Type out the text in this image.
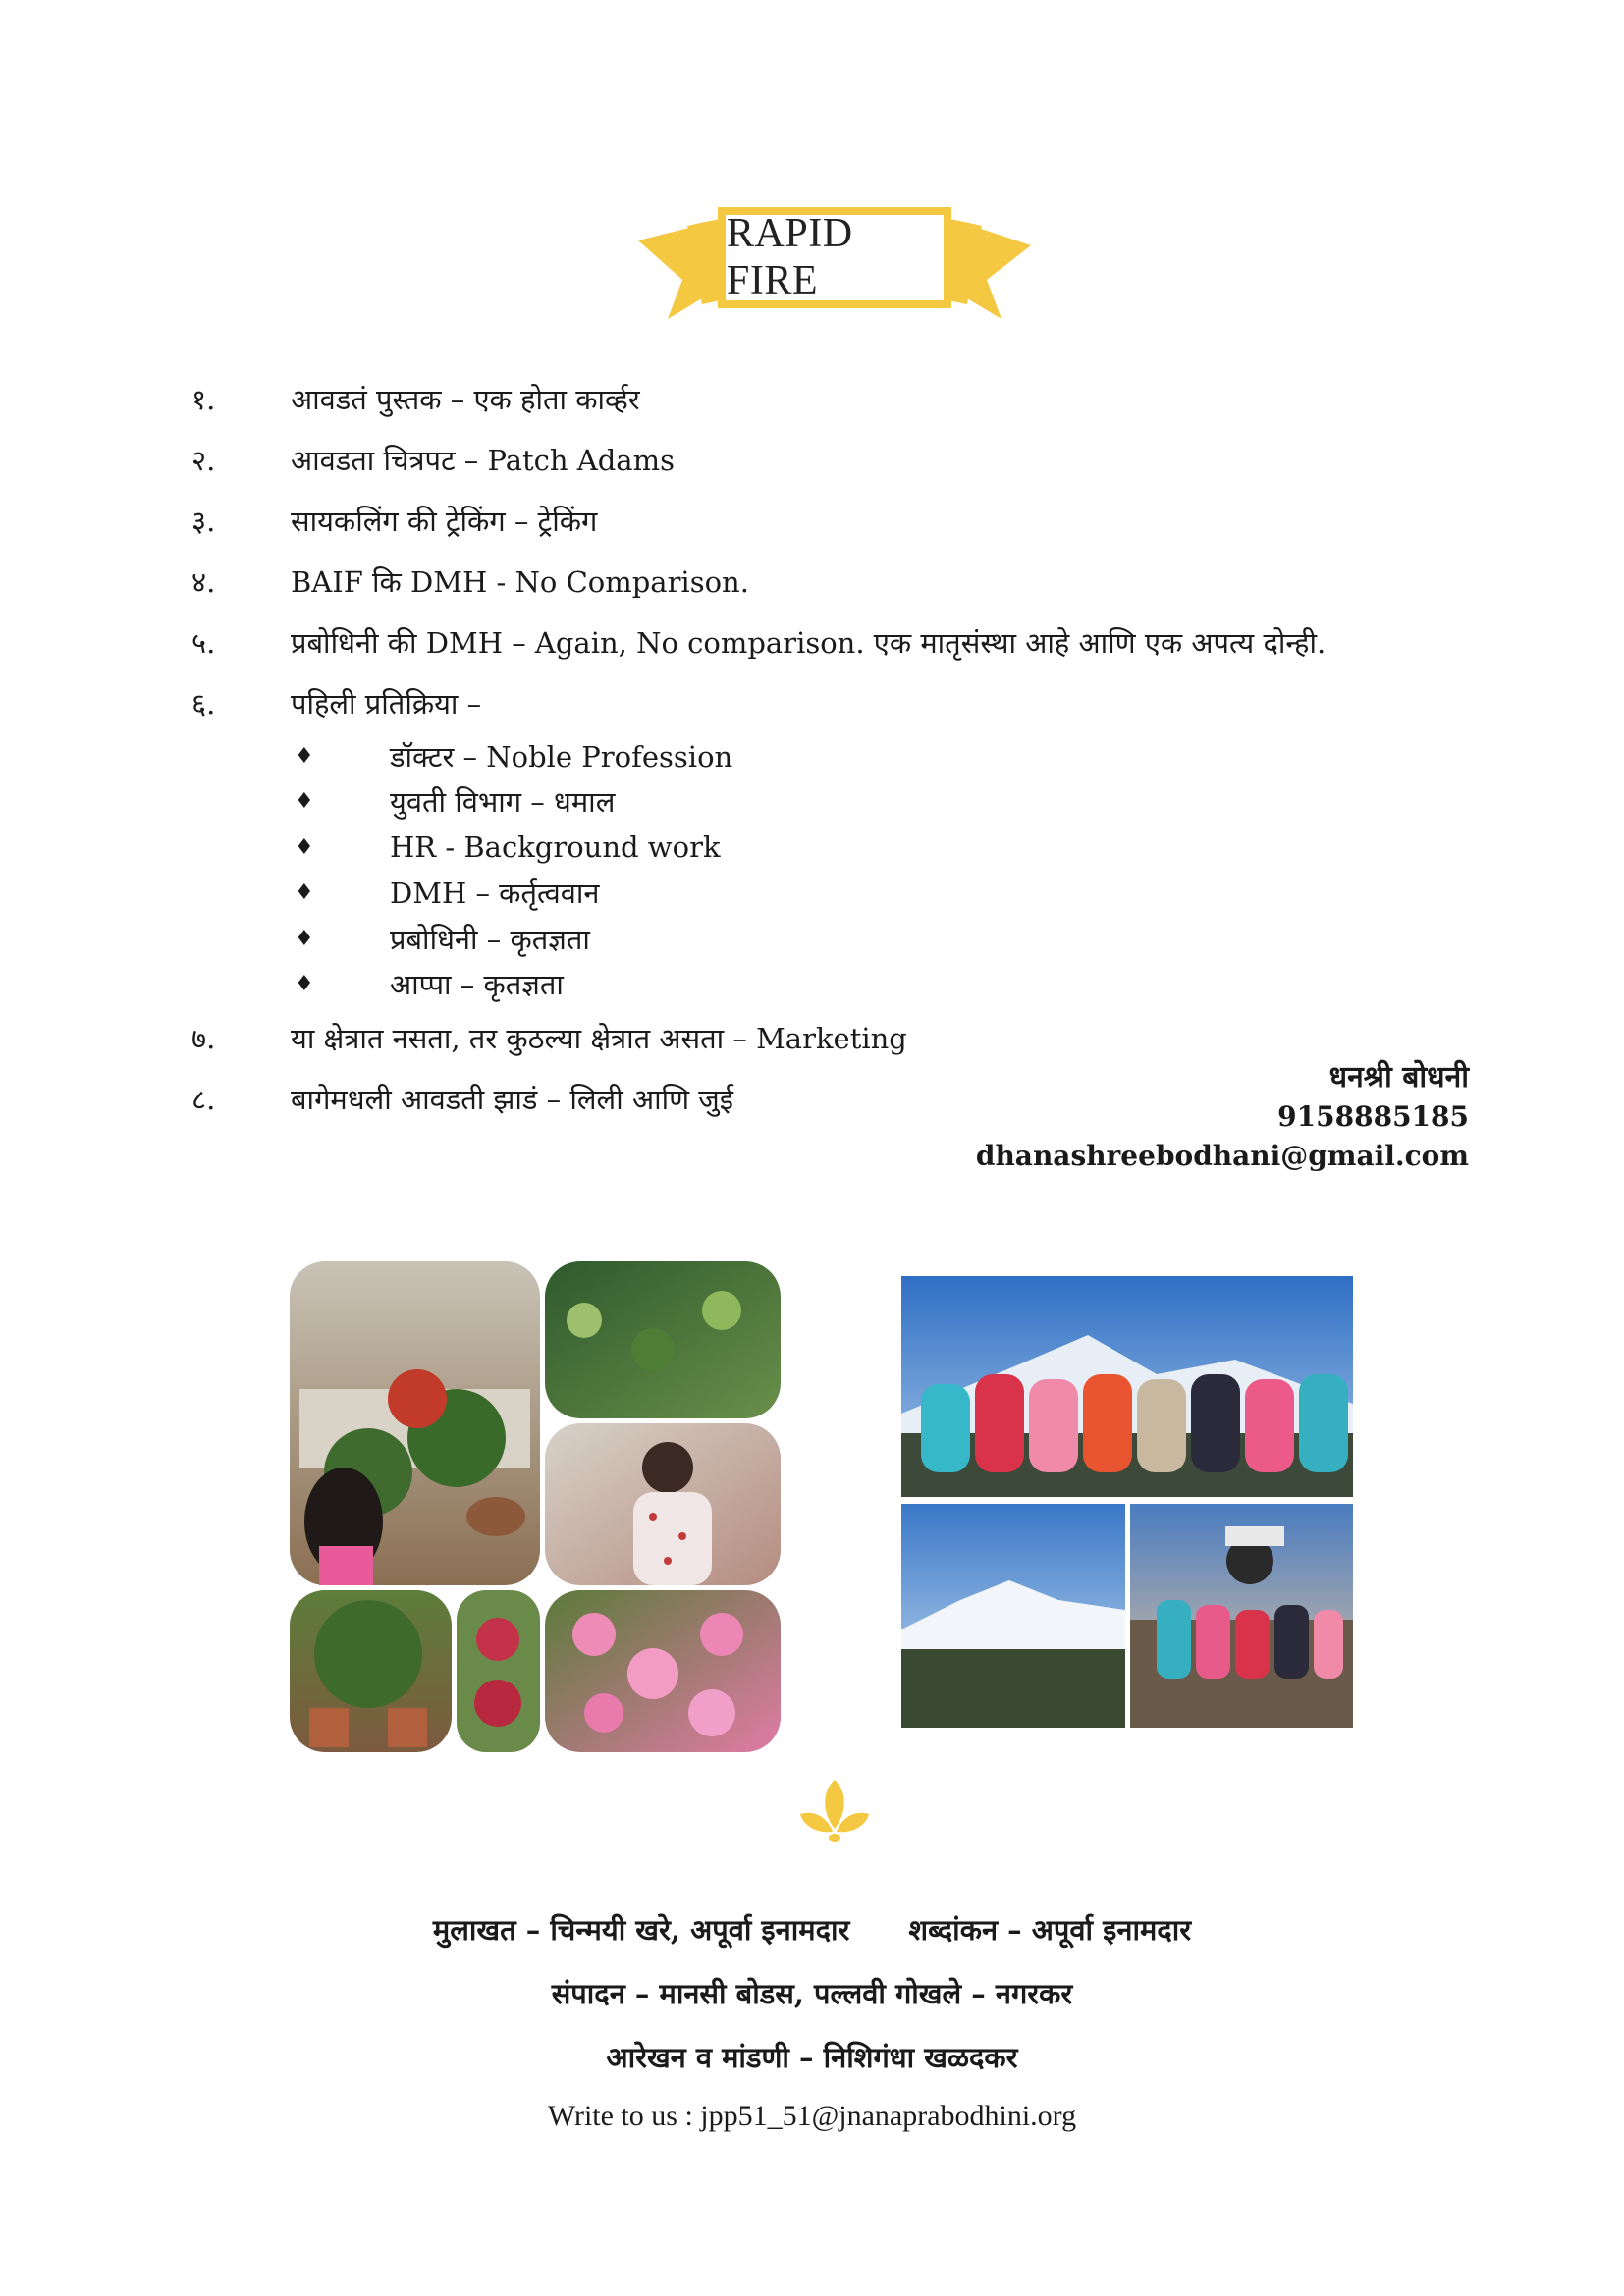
RAPID FIRE
१.	आवडतं पुस्तक – एक होता कार्व्हर
२.	आवडता चित्रपट – Patch Adams
३.	सायकलिंग की ट्रेकिंग – ट्रेकिंग
४.	BAIF कि DMH - No Comparison.
५.	प्रबोधिनी की DMH – Again, No comparison. एक मातृसंस्था आहे आणि एक अपत्य दोन्ही.
६.	पहिली प्रतिक्रिया –
♦	डॉक्टर – Noble Profession
♦	युवती विभाग – धमाल
♦	HR - Background work
♦	DMH – कर्तृत्ववान
♦	प्रबोधिनी – कृतज्ञता
♦	आप्पा – कृतज्ञता
७.	या क्षेत्रात नसता, तर कुठल्या क्षेत्रात असता – Marketing
८.	बागेमधली आवडती झाडं – लिली आणि जुई
धनश्री बोधनी
9158885185
dhanashreebodhani@gmail.com
मुलाखत – चिन्मयी खरे, अपूर्वा इनामदार शब्दांकन – अपूर्वा इनामदार
संपादन – मानसी बोडस, पल्लवी गोखले – नगरकर
आरेखन व मांडणी – निशिगंधा खळदकर
Write to us : jpp51_51@jnanaprabodhini.org
